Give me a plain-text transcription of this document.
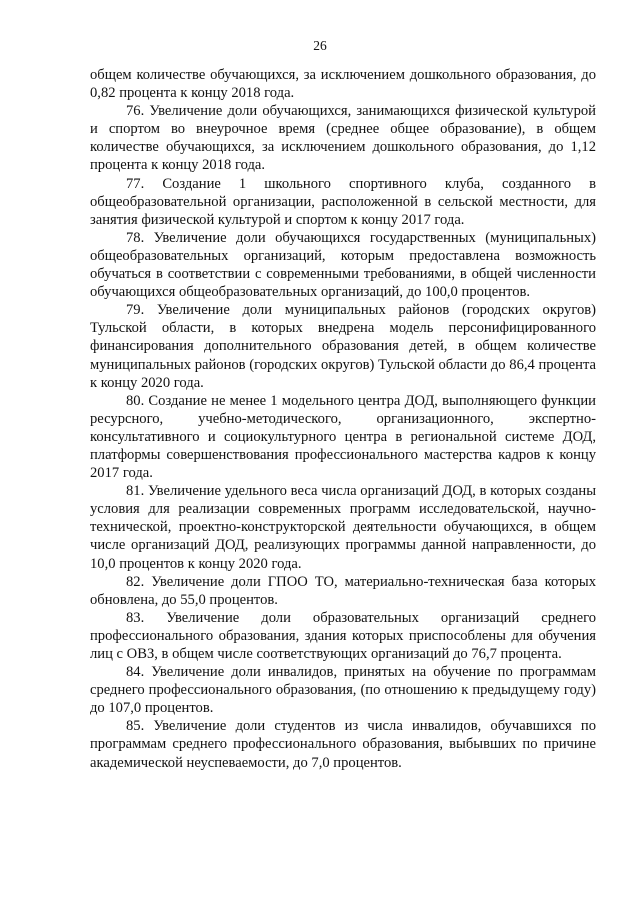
26

общем количестве обучающихся, за исключением дошкольного образования, до 0,82 процента к концу 2018 года.

76. Увеличение доли обучающихся, занимающихся физической культурой и спортом во внеурочное время (среднее общее образование), в общем количестве обучающихся, за исключением дошкольного образования, до 1,12 процента к концу 2018 года.

77. Создание 1 школьного спортивного клуба, созданного в общеобразовательной организации, расположенной в сельской местности, для занятия физической культурой и спортом к концу 2017 года.

78. Увеличение доли обучающихся государственных (муниципальных) общеобразовательных организаций, которым предоставлена возможность обучаться в соответствии с современными требованиями, в общей численности обучающихся общеобразовательных организаций, до 100,0 процентов.

79. Увеличение доли муниципальных районов (городских округов) Тульской области, в которых внедрена модель персонифицированного финансирования дополнительного образования детей, в общем количестве муниципальных районов (городских округов) Тульской области до 86,4 процента к концу 2020 года.

80. Создание не менее 1 модельного центра ДОД, выполняющего функции ресурсного, учебно-методического, организационного, экспертно-консультативного и социокультурного центра в региональной системе ДОД, платформы совершенствования профессионального мастерства кадров к концу 2017 года.

81. Увеличение удельного веса числа организаций ДОД, в которых созданы условия для реализации современных программ исследовательской, научно-технической, проектно-конструкторской деятельности обучающихся, в общем числе организаций ДОД, реализующих программы данной направленности, до 10,0 процентов к концу 2020 года.

82. Увеличение доли ГПОО ТО, материально-техническая база которых обновлена, до 55,0 процентов.

83. Увеличение доли образовательных организаций среднего профессионального образования, здания которых приспособлены для обучения лиц с ОВЗ, в общем числе соответствующих организаций до 76,7 процента.

84. Увеличение доли инвалидов, принятых на обучение по программам среднего профессионального образования, (по отношению к предыдущему году) до 107,0 процентов.

85. Увеличение доли студентов из числа инвалидов, обучавшихся по программам среднего профессионального образования, выбывших по причине академической неуспеваемости, до 7,0 процентов.
